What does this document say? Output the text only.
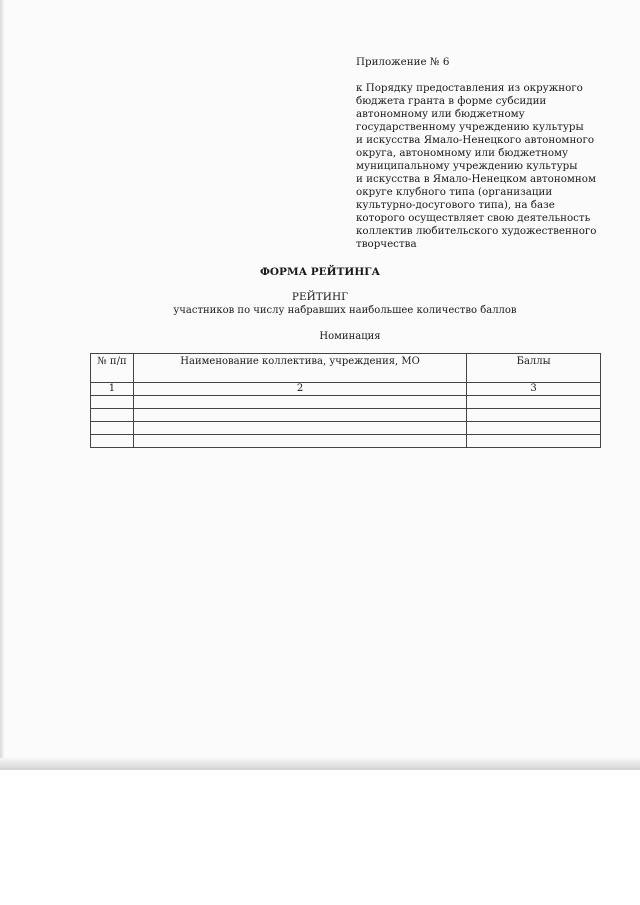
Приложение № 6
к Порядку предоставления из окружного
бюджета гранта в форме субсидии
автономному или бюджетному
государственному учреждению культуры
и искусства Ямало-Ненецкого автономного
округа, автономному или бюджетному
муниципальному учреждению культуры
и искусства в Ямало-Ненецком автономном
округе клубного типа (организации
культурно-досугового типа), на базе
которого осуществляет свою деятельность
коллектив любительского художественного
творчества
ФОРМА РЕЙТИНГА
РЕЙТИНГ
участников по числу набравших наибольшее количество баллов
Номинация
№ п/п	Наименование коллектива, учреждения, МО	Баллы
1	2	3
